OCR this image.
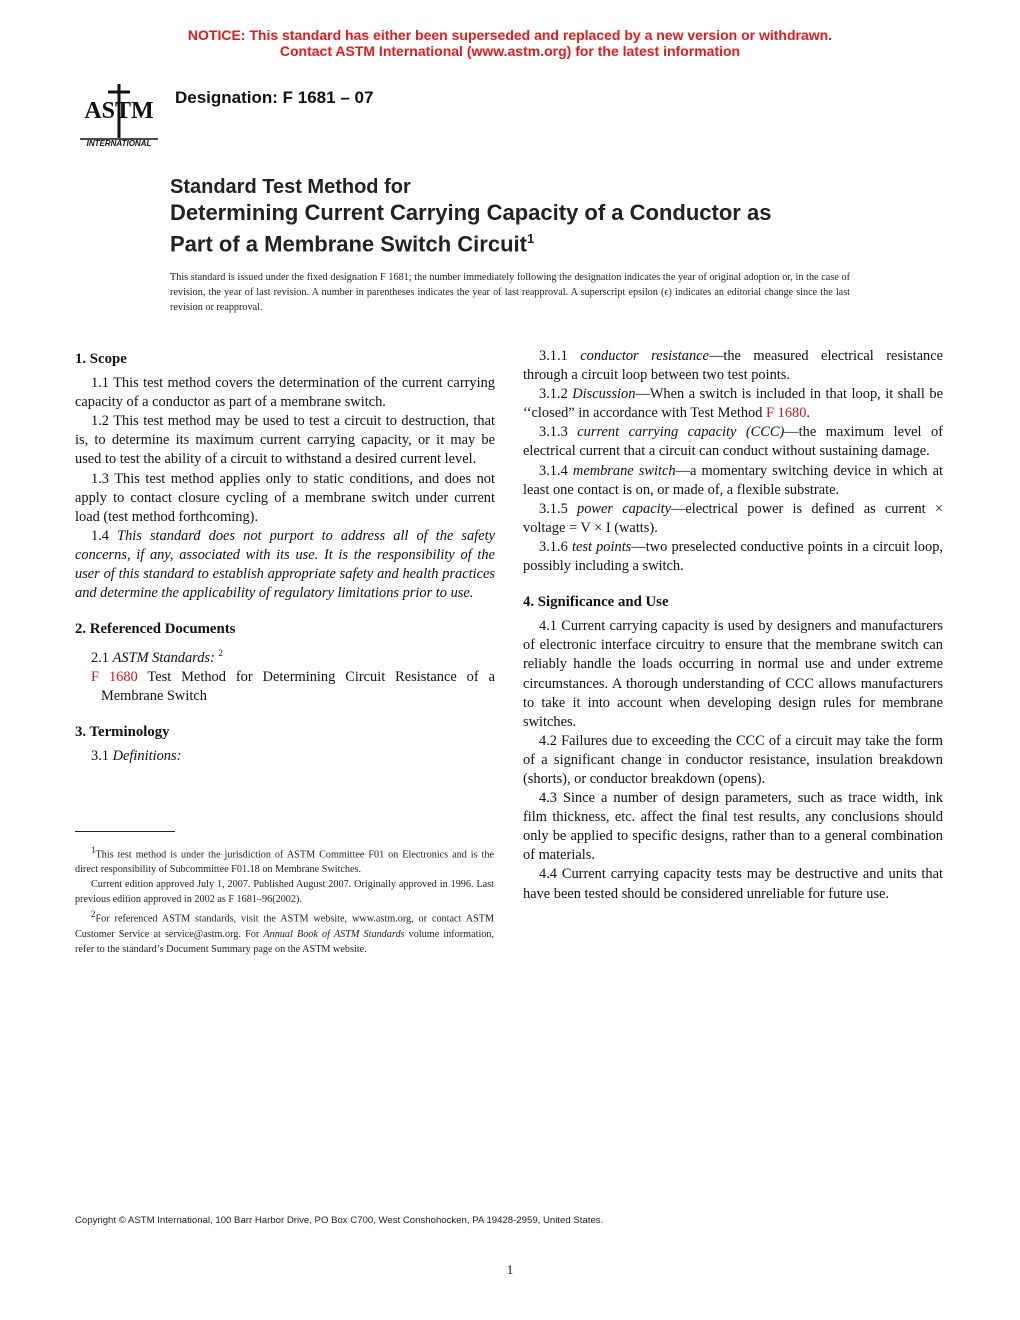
NOTICE: This standard has either been superseded and replaced by a new version or withdrawn.
Contact ASTM International (www.astm.org) for the latest information
ASTM
INTERNATIONAL
Designation: F 1681 – 07
Standard Test Method for
Determining Current Carrying Capacity of a Conductor as
Part of a Membrane Switch Circuit$^1$
This standard is issued under the fixed designation F 1681; the number immediately following the designation indicates the year of original adoption or, in the case of revision, the year of last revision. A number in parentheses indicates the year of last reapproval. A superscript epsilon (ϵ) indicates an editorial change since the last revision or reapproval.
1. Scope

1.1 This test method covers the determination of the current carrying capacity of a conductor as part of a membrane switch.

1.2 This test method may be used to test a circuit to destruction, that is, to determine its maximum current carrying capacity, or it may be used to test the ability of a circuit to withstand a desired current level.

1.3 This test method applies only to static conditions, and does not apply to contact closure cycling of a membrane switch under current load (test method forthcoming).

1.4 This standard does not purport to address all of the safety concerns, if any, associated with its use. It is the responsibility of the user of this standard to establish appropriate safety and health practices and determine the applicability of regulatory limitations prior to use.

2. Referenced Documents

2.1 ASTM Standards: $^2$

F 1680 Test Method for Determining Circuit Resistance of a Membrane Switch

3. Terminology

3.1 Definitions:

$^1$This test method is under the jurisdiction of ASTM Committee F01 on Electronics and is the direct responsibility of Subcommittee F01.18 on Membrane Switches.

Current edition approved July 1, 2007. Published August 2007. Originally approved in 1996. Last previous edition approved in 2002 as F 1681–96(2002).

$^2$For referenced ASTM standards, visit the ASTM website, www.astm.org, or contact ASTM Customer Service at service@astm.org. For Annual Book of ASTM Standards volume information, refer to the standard’s Document Summary page on the ASTM website.

3.1.1 conductor resistance—the measured electrical resistance through a circuit loop between two test points.

3.1.2 Discussion—When a switch is included in that loop, it shall be ‘‘closed” in accordance with Test Method F 1680.

3.1.3 current carrying capacity (CCC)—the maximum level of electrical current that a circuit can conduct without sustaining damage.

3.1.4 membrane switch—a momentary switching device in which at least one contact is on, or made of, a flexible substrate.

3.1.5 power capacity—electrical power is defined as current × voltage = V × I (watts).

3.1.6 test points—two preselected conductive points in a circuit loop, possibly including a switch.

4. Significance and Use

4.1 Current carrying capacity is used by designers and manufacturers of electronic interface circuitry to ensure that the membrane switch can reliably handle the loads occurring in normal use and under extreme circumstances. A thorough understanding of CCC allows manufacturers to take it into account when developing design rules for membrane switches.

4.2 Failures due to exceeding the CCC of a circuit may take the form of a significant change in conductor resistance, insulation breakdown (shorts), or conductor breakdown (opens).

4.3 Since a number of design parameters, such as trace width, ink film thickness, etc. affect the final test results, any conclusions should only be applied to specific designs, rather than to a general combination of materials.

4.4 Current carrying capacity tests may be destructive and units that have been tested should be considered unreliable for future use.

Copyright © ASTM International, 100 Barr Harbor Drive, PO Box C700, West Conshohocken, PA 19428-2959, United States.
1
